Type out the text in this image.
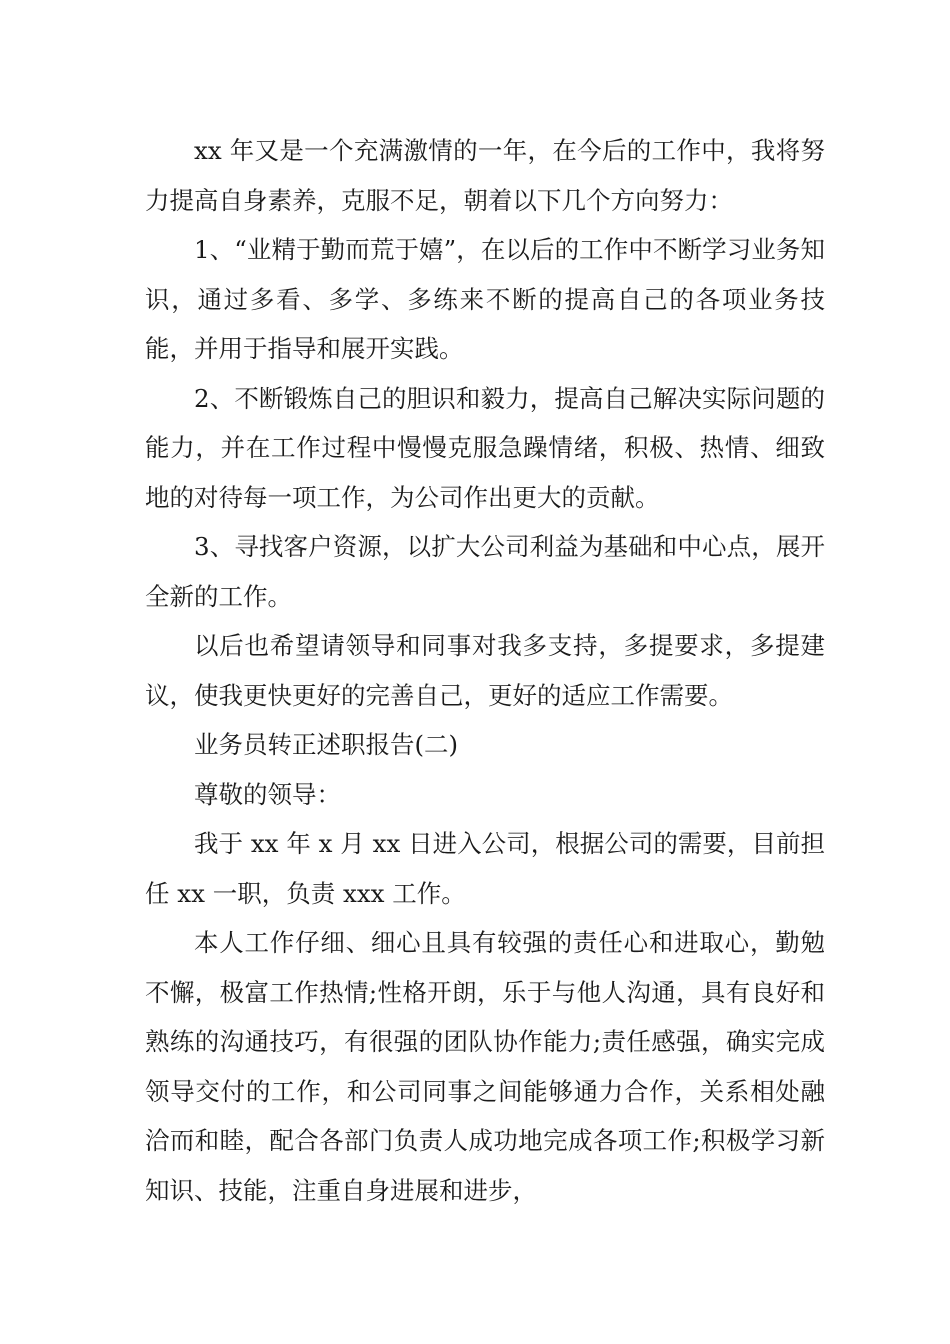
xx 年又是一个充满激情的一年，在今后的工作中，我将努力提高自身素养，克服不足，朝着以下几个方向努力：

1、“业精于勤而荒于嬉”，在以后的工作中不断学习业务知识，通过多看、多学、多练来不断的提高自己的各项业务技能，并用于指导和展开实践。

2、不断锻炼自己的胆识和毅力，提高自己解决实际问题的能力，并在工作过程中慢慢克服急躁情绪，积极、热情、细致地的对待每一项工作，为公司作出更大的贡献。

3、寻找客户资源，以扩大公司利益为基础和中心点，展开全新的工作。

以后也希望请领导和同事对我多支持，多提要求，多提建议，使我更快更好的完善自己，更好的适应工作需要。

业务员转正述职报告(二)

尊敬的领导：

我于 xx 年 x 月 xx 日进入公司，根据公司的需要，目前担任 xx 一职，负责 xxx 工作。

本人工作仔细、细心且具有较强的责任心和进取心，勤勉不懈，极富工作热情;性格开朗，乐于与他人沟通，具有良好和熟练的沟通技巧，有很强的团队协作能力;责任感强，确实完成领导交付的工作，和公司同事之间能够通力合作，关系相处融洽而和睦，配合各部门负责人成功地完成各项工作;积极学习新知识、技能，注重自身进展和进步，
